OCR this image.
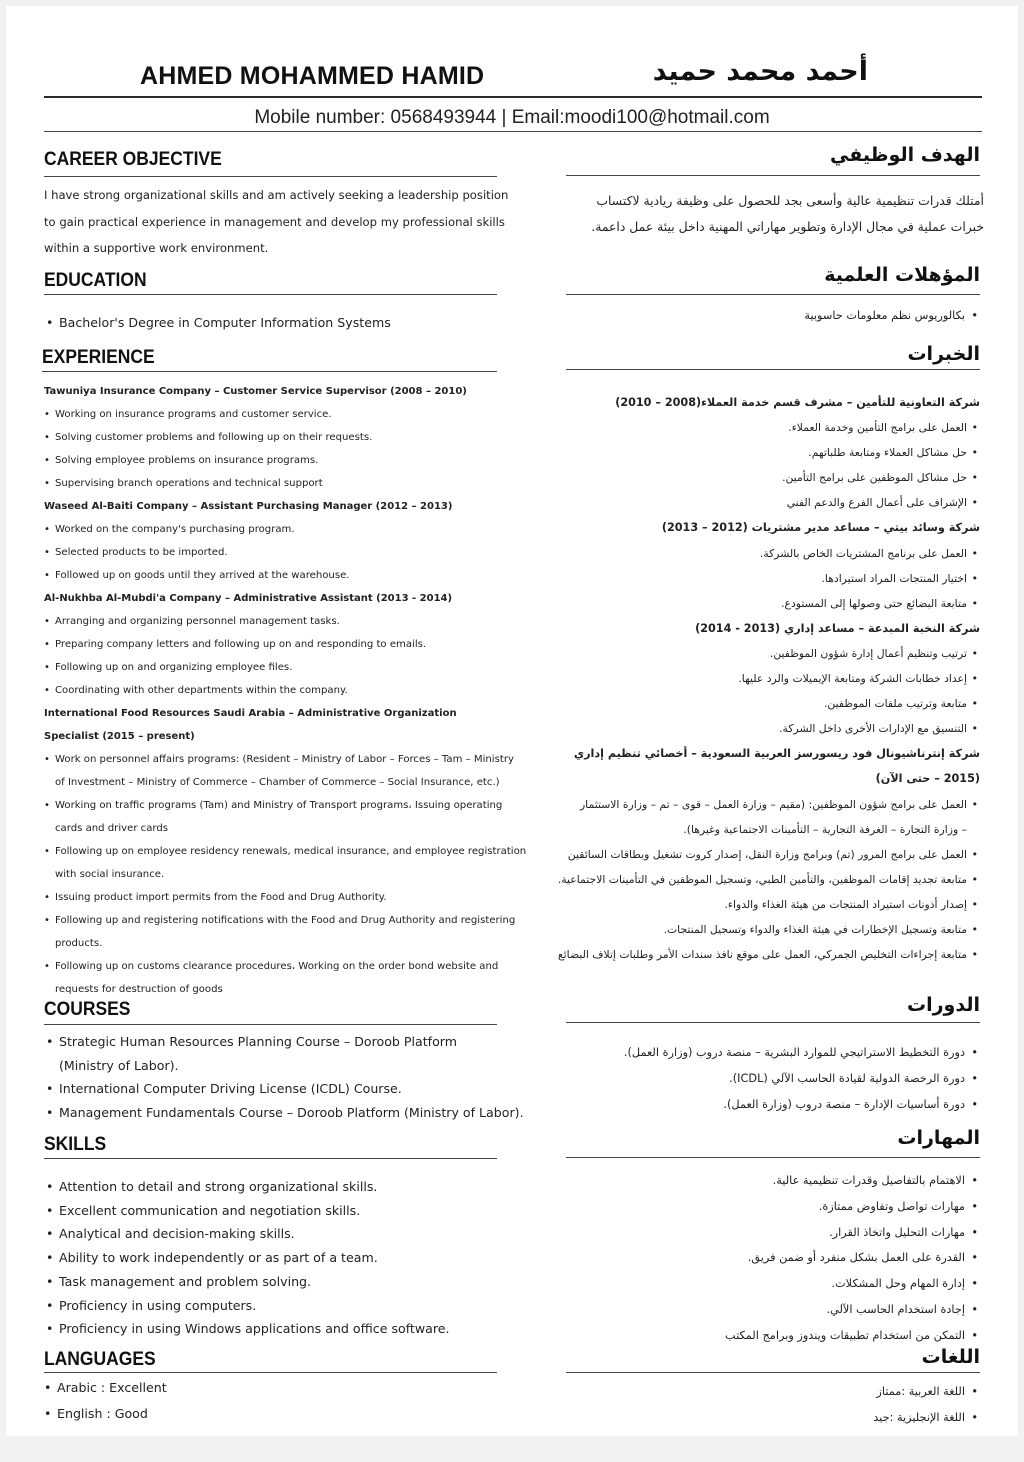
AHMED MOHAMMED HAMID	أحمد محمد حميد
Mobile number: 0568493944 | Email:moodi100@hotmail.com
CAREER OBJECTIVE
I have strong organizational skills and am actively seeking a leadership position
to gain practical experience in management and develop my professional skills
within a supportive work environment.
الهدف الوظيفي
أمتلك قدرات تنظيمية عالية وأسعى بجد للحصول على وظيفة ريادية لاكتساب
خبرات عملية في مجال الإدارة وتطوير مهاراتي المهنية داخل بيئة عمل داعمة.
EDUCATION
• Bachelor's Degree in Computer Information Systems
المؤهلات العلمية
• بكالوريوس نظم معلومات حاسوبية
EXPERIENCE
Tawuniya Insurance Company – Customer Service Supervisor (2008 – 2010)
• Working on insurance programs and customer service.
• Solving customer problems and following up on their requests.
• Solving employee problems on insurance programs.
• Supervising branch operations and technical support
Waseed Al-Baiti Company – Assistant Purchasing Manager (2012 – 2013)
• Worked on the company's purchasing program.
• Selected products to be imported.
• Followed up on goods until they arrived at the warehouse.
Al-Nukhba Al-Mubdi'a Company – Administrative Assistant (2013 - 2014)
• Arranging and organizing personnel management tasks.
• Preparing company letters and following up on and responding to emails.
• Following up on and organizing employee files.
• Coordinating with other departments within the company.
International Food Resources Saudi Arabia – Administrative Organization
Specialist (2015 – present)
• Work on personnel affairs programs: (Resident – Ministry of Labor – Forces – Tam – Ministry
of Investment – Ministry of Commerce – Chamber of Commerce – Social Insurance, etc.)
• Working on traffic programs (Tam) and Ministry of Transport programs، Issuing operating
cards and driver cards
• Following up on employee residency renewals, medical insurance, and employee registration
with social insurance.
• Issuing product import permits from the Food and Drug Authority.
• Following up and registering notifications with the Food and Drug Authority and registering
products.
• Following up on customs clearance procedures، Working on the order bond website and
requests for destruction of goods
الخبرات
شركة التعاونية للتأمين – مشرف قسم خدمة العملاء(2008 – 2010)
• العمل على برامج التأمين وخدمة العملاء.
• حل مشاكل العملاء ومتابعة طلباتهم.
• حل مشاكل الموظفين على برامج التأمين.
• الإشراف على أعمال الفرع والدعم الفني
شركة وسائد بيتي – مساعد مدير مشتريات (2012 – 2013)
• العمل على برنامج المشتريات الخاص بالشركة.
• اختيار المنتجات المراد استيرادها.
• متابعة البضائع حتى وصولها إلى المستودع.
شركة النخبة المبدعة – مساعد إداري (2013 - 2014)
• ترتيب وتنظيم أعمال إدارة شؤون الموظفين.
• إعداد خطابات الشركة ومتابعة الإيميلات والرد عليها.
• متابعة وترتيب ملفات الموظفين.
• التنسيق مع الإدارات الأخرى داخل الشركة.
شركة إنترناشيونال فود ريسورسز العربية السعودية – أخصائي تنظيم إداري
(2015 – حتى الآن)
• العمل على برامج شؤون الموظفين: (مقيم – وزارة العمل – قوى – تم – وزارة الاستثمار
– وزارة التجارة – الغرفة التجارية – التأمينات الاجتماعية وغيرها).
• العمل على برامج المرور (تم) وبرامج وزارة النقل، إصدار كروت تشغيل وبطاقات السائقين
• متابعة تجديد إقامات الموظفين، والتأمين الطبي، وتسجيل الموظفين في التأمينات الاجتماعية.
• إصدار أذونات استيراد المنتجات من هيئة الغذاء والدواء.
• متابعة وتسجيل الإخطارات في هيئة الغذاء والدواء وتسجيل المنتجات.
• متابعة إجراءات التخليص الجمركي، العمل على موقع نافذ سندات الأمر وطلبات إتلاف البضائع
COURSES
• Strategic Human Resources Planning Course – Doroob Platform
(Ministry of Labor).
• International Computer Driving License (ICDL) Course.
• Management Fundamentals Course – Doroob Platform (Ministry of Labor).
الدورات
• دورة التخطيط الاستراتيجي للموارد البشرية – منصة دروب (وزارة العمل).
• دورة الرخصة الدولية لقيادة الحاسب الآلي (ICDL).
• دورة أساسيات الإدارة – منصة دروب (وزارة العمل).
SKILLS
• Attention to detail and strong organizational skills.
• Excellent communication and negotiation skills.
• Analytical and decision-making skills.
• Ability to work independently or as part of a team.
• Task management and problem solving.
• Proficiency in using computers.
• Proficiency in using Windows applications and office software.
المهارات
• الاهتمام بالتفاصيل وقدرات تنظيمية عالية.
• مهارات تواصل وتفاوض ممتازة.
• مهارات التحليل واتخاذ القرار.
• القدرة على العمل بشكل منفرد أو ضمن فريق.
• إدارة المهام وحل المشكلات.
• إجادة استخدام الحاسب الآلي.
• التمكن من استخدام تطبيقات ويندوز وبرامج المكتب
LANGUAGES
• Arabic : Excellent
• English : Good
اللغات
• اللغة العربية :ممتاز
• اللغة الإنجليزية :جيد
